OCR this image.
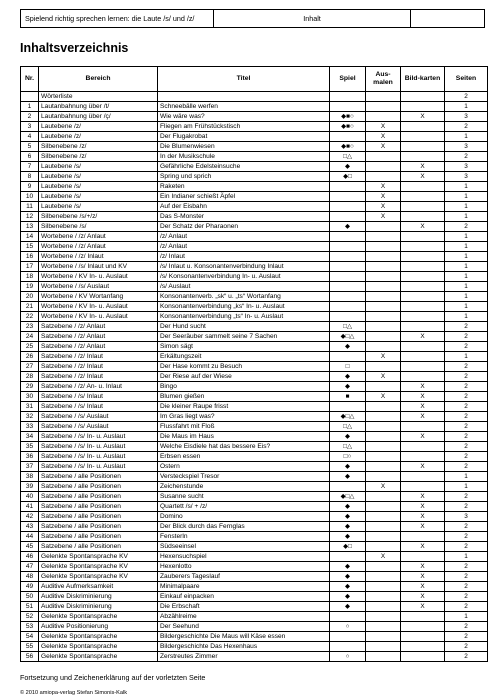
Spielend richtig sprechen lernen: die Laute /s/ und /z/	Inhalt
Inhaltsverzeichnis
Nr.	Bereich	Titel	Spiel	Aus-malen	Bild-karten	Seiten
	Wörterliste					2
1	Lautanbahnung über /t/	Schneebälle werfen				1
2	Lautanbahnung über /ç/	Wie wäre was?	◆■○		X	3
3	Lautebene /z/	Fliegen am Frühstückstisch	◆■○	X		2
4	Lautebene /z/	Der Flugakrobat		X		1
5	Silbenebene /z/	Die Blumenwiesen	◆■○	X		3
6	Silbenebene /z/	In der Musikschule	□△			2
7	Lautebene /s/	Gefährliche Edelsteinsuche	◆		X	3
8	Lautebene /s/	Spring und sprich	◆□		X	3
9	Lautebene /s/	Raketen		X		1
10	Lautebene /s/	Ein Indianer schießt Äpfel		X		1
11	Lautebene /s/	Auf der Eisbahn		X		1
12	Silbenebene /s/+/z/	Das S-Monster		X		1
13	Silbenebene /s/	Der Schatz der Pharaonen	◆		X	2
14	Wortebene / /z/ Anlaut	/z/ Anlaut				1
15	Wortebene / /z/ Anlaut	/z/ Anlaut				1
16	Wortebene / /z/ Inlaut	/z/ Inlaut				1
17	Wortebene / /s/ Inlaut und KV	/s/ Inlaut u. Konsonantenverbindung Inlaut				1
18	Wortebene / KV In- u. Auslaut	/s/ Konsonantenverbindung In- u. Auslaut				1
19	Wortebene / /s/ Auslaut	/s/ Auslaut				1
20	Wortebene / KV Wortanfang	Konsonantenverb. „sk“ u. „ts“ Wortanfang				1
21	Wortebene / KV In- u. Auslaut	Konsonantenverbindung „ks“ In- u. Auslaut				1
22	Wortebene / KV In- u. Auslaut	Konsonantenverbindung „ts“ In- u. Auslaut				1
23	Satzebene / /z/ Anlaut	Der Hund sucht	□△			2
24	Satzebene / /z/ Anlaut	Der Seeräuber sammelt seine 7 Sachen	◆□△		X	2
25	Satzebene / /z/ Anlaut	Simon sägt	◆			2
26	Satzebene / /z/ Inlaut	Erkältungszeit		X		1
27	Satzebene / /z/ Inlaut	Der Hase kommt zu Besuch	□			2
28	Satzebene / /z/ Inlaut	Der Riese auf der Wiese	◆	X		2
29	Satzebene / /z/ An- u. Inlaut	Bingo	◆		X	2
30	Satzebene / /s/ Inlaut	Blumen gießen	■	X	X	2
31	Satzebene / /s/ Inlaut	Die kleiner Raupe frisst			X	2
32	Satzebene / /s/ Auslaut	Im Gras liegt was?	◆□△		X	2
33	Satzebene / /s/ Auslaut	Flussfahrt mit Floß	□△			2
34	Satzebene / /s/ In- u. Auslaut	Die Maus im Haus	◆		X	2
35	Satzebene / /s/ In- u. Auslaut	Welche Eisdiele hat das bessere Eis?	□△			2
36	Satzebene / /s/ In- u. Auslaut	Erbsen essen	□○			2
37	Satzebene / /s/ In- u. Auslaut	Ostern	◆		X	2
38	Satzebene / alle Positionen	Versteckspiel Tresor	◆			1
39	Satzebene / alle Positionen	Zeichenstunde		X		1
40	Satzebene / alle Positionen	Susanne sucht	◆□△		X	2
41	Satzebene / alle Positionen	Quartett /s/ + /z/	◆		X	2
42	Satzebene / alle Positionen	Domino	◆		X	3
43	Satzebene / alle Positionen	Der Blick durch das Fernglas	◆		X	2
44	Satzebene / alle Positionen	Fensterln	◆			2
45	Satzebene / alle Positionen	Südseeinsel	◆□		X	2
46	Gelenkte Spontansprache KV	Hexensuchspiel		X		1
47	Gelenkte Spontansprache KV	Hexenlotto	◆		X	2
48	Gelenkte Spontansprache KV	Zauberers Tageslauf	◆		X	2
49	Auditive Aufmerksamkeit	Minimalpaare	◆		X	2
50	Auditive Diskriminierung	Einkauf einpacken	◆		X	2
51	Auditive Diskriminierung	Die Erbschaft	◆		X	2
52	Gelenkte Spontansprache	Abzählreime				1
53	Auditive Positionierung	Der Seehund	○			2
54	Gelenkte Spontansprache	Bildergeschichte Die Maus will Käse essen				2
55	Gelenkte Spontansprache	Bildergeschichte Das Hexenhaus				2
56	Gelenkte Spontansprache	Zerstreutes Zimmer	○			2
Fortsetzung und Zeichenerklärung auf der vorletzten Seite
© 2010 amiopa-verlag Stefan Simonis-Kalk
